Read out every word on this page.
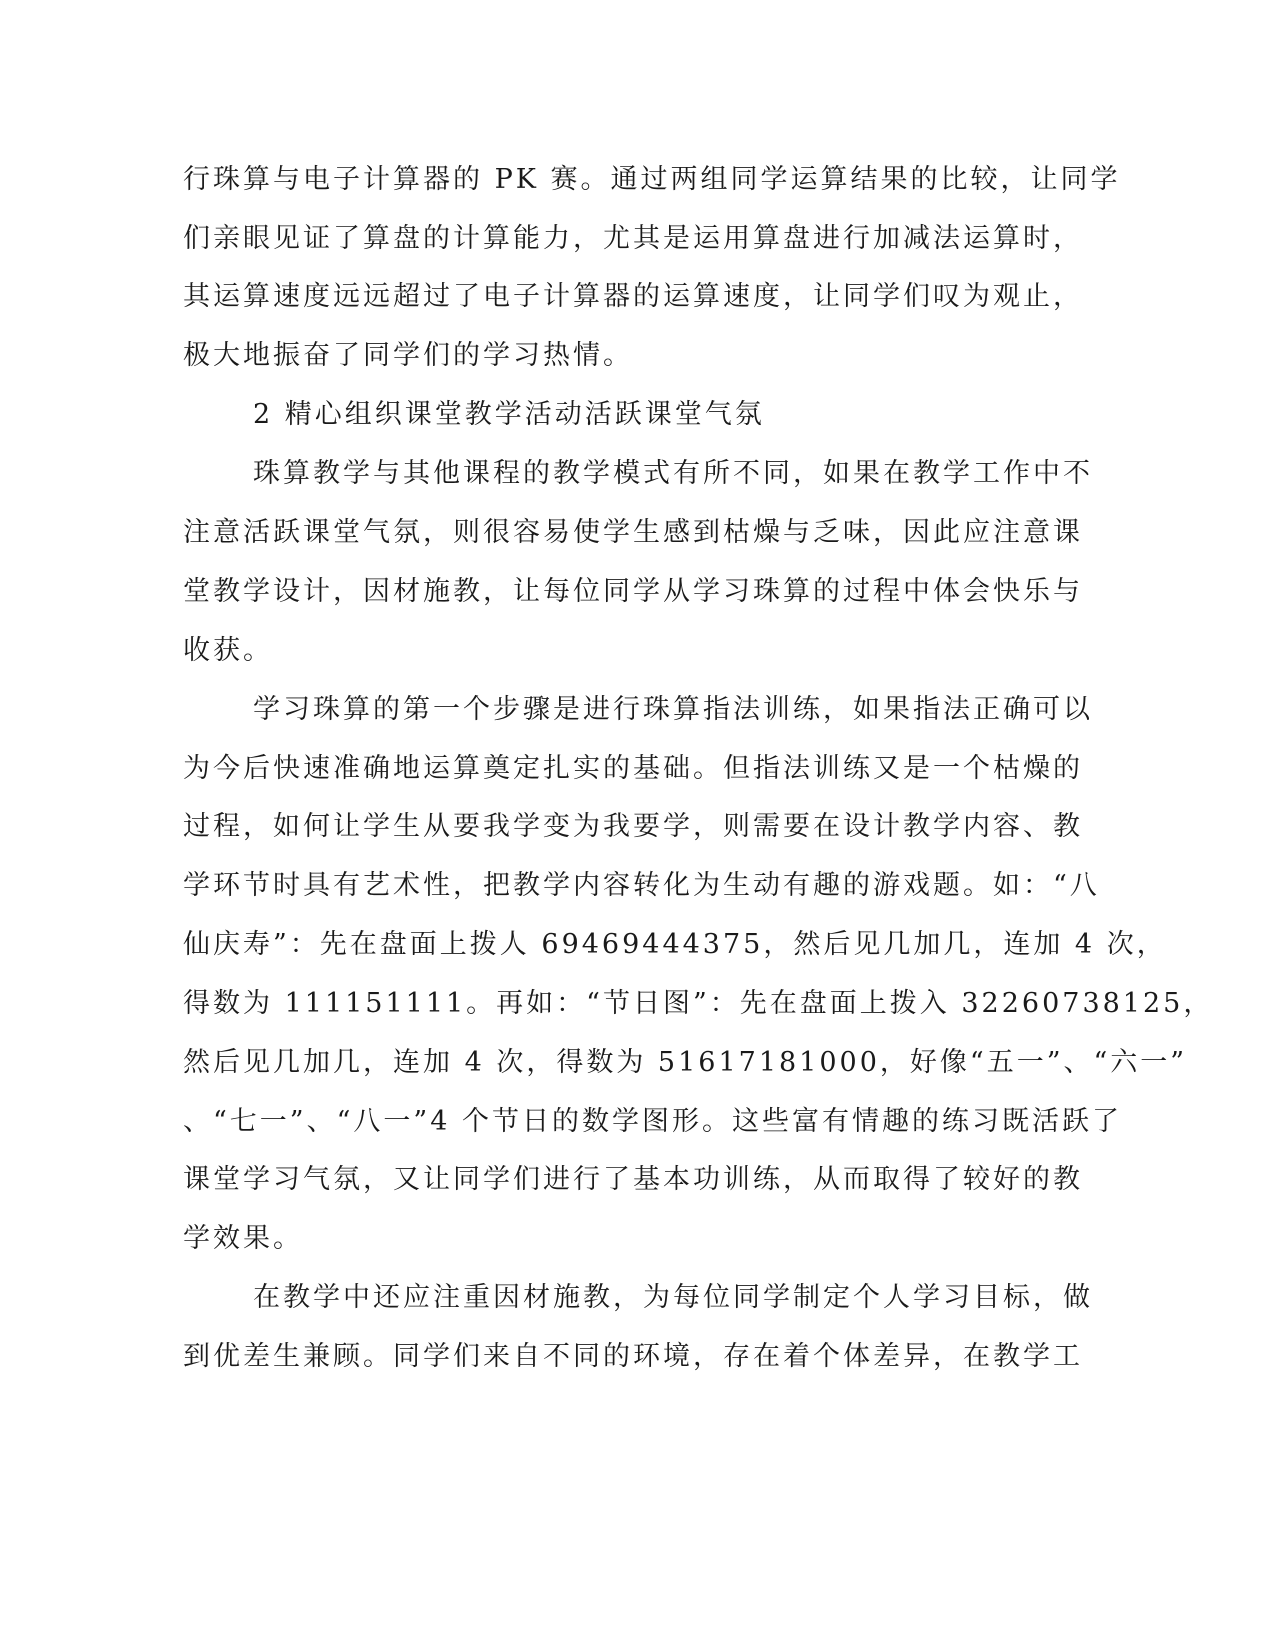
行珠算与电子计算器的 PK 赛。通过两组同学运算结果的比较，让同学
们亲眼见证了算盘的计算能力，尤其是运用算盘进行加减法运算时，
其运算速度远远超过了电子计算器的运算速度，让同学们叹为观止，
极大地振奋了同学们的学习热情。
2 精心组织课堂教学活动活跃课堂气氛
珠算教学与其他课程的教学模式有所不同，如果在教学工作中不
注意活跃课堂气氛，则很容易使学生感到枯燥与乏味，因此应注意课
堂教学设计，因材施教，让每位同学从学习珠算的过程中体会快乐与
收获。
学习珠算的第一个步骤是进行珠算指法训练，如果指法正确可以
为今后快速准确地运算奠定扎实的基础。但指法训练又是一个枯燥的
过程，如何让学生从要我学变为我要学，则需要在设计教学内容、教
学环节时具有艺术性，把教学内容转化为生动有趣的游戏题。如：“八
仙庆寿”：先在盘面上拨人 69469444375，然后见几加几，连加 4 次，
得数为 111151111。再如：“节日图”：先在盘面上拨入 32260738125，
然后见几加几，连加 4 次，得数为 51617181000，好像“五一”、“六一”
、“七一”、“八一”4 个节日的数学图形。这些富有情趣的练习既活跃了
课堂学习气氛，又让同学们进行了基本功训练，从而取得了较好的教
学效果。
在教学中还应注重因材施教，为每位同学制定个人学习目标，做
到优差生兼顾。同学们来自不同的环境，存在着个体差异，在教学工
